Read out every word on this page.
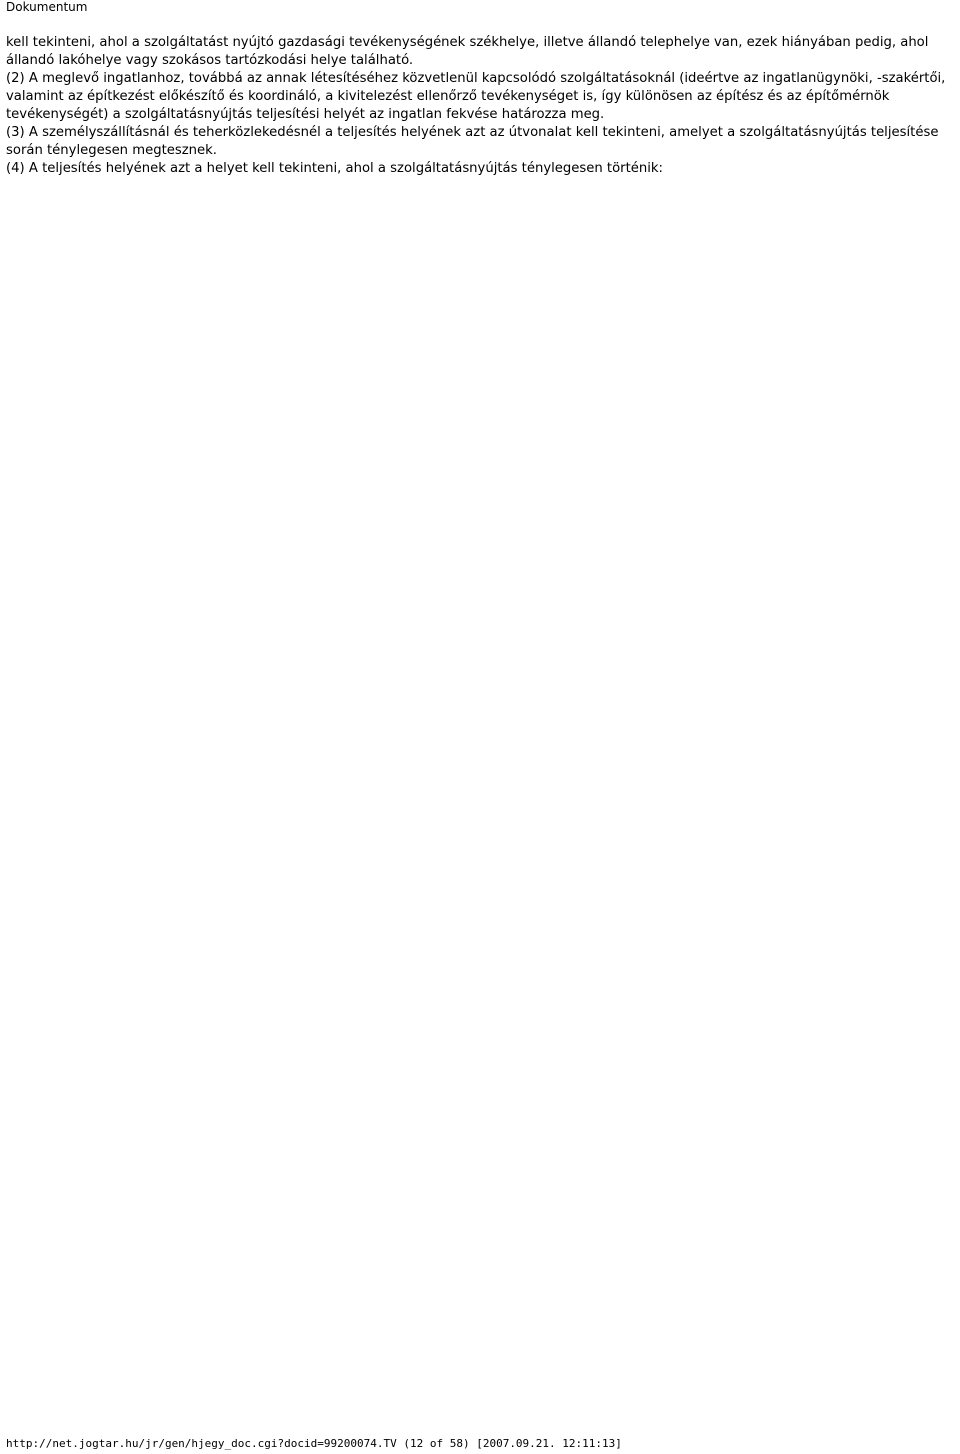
Dokumentum

kell tekinteni, ahol a szolgáltatást nyújtó gazdasági tevékenységének székhelye, illetve állandó telephelye van, ezek hiányában pedig, ahol állandó lakóhelye vagy szokásos tartózkodási helye található.

(2) A meglevő ingatlanhoz, továbbá az annak létesítéséhez közvetlenül kapcsolódó szolgáltatásoknál (ideértve az ingatlanügynöki, -szakértői, valamint az építkezést előkészítő és koordináló, a kivitelezést ellenőrző tevékenységet is, így különösen az építész és az építőmérnök tevékenységét) a szolgáltatásnyújtás teljesítési helyét az ingatlan fekvése határozza meg.

(3) A személyszállításnál és teherközlekedésnél a teljesítés helyének azt az útvonalat kell tekinteni, amelyet a szolgáltatásnyújtás teljesítése során ténylegesen megtesznek.

(4) A teljesítés helyének azt a helyet kell tekinteni, ahol a szolgáltatásnyújtás ténylegesen történik:

http://net.jogtar.hu/jr/gen/hjegy_doc.cgi?docid=99200074.TV (12 of 58) [2007.09.21. 12:11:13]
